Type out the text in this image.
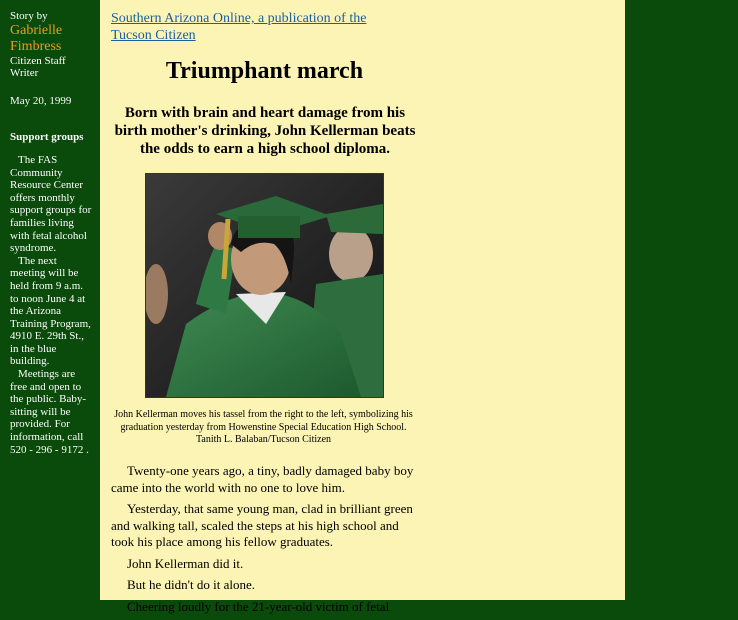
Story by

Gabrielle
Fimbress

Citizen Staff
Writer

May 20, 1999

Support groups

The FAS Community Resource Center offers monthly support groups for families living with fetal alcohol syndrome.

The next meeting will be held from 9 a.m. to noon June 4 at the Arizona Training Program, 4910 E. 29th St., in the blue building.

Meetings are free and open to the public. Baby-sitting will be provided. For information, call 520 - 296 - 9172 .

Southern Arizona Online, a publication of the Tucson Citizen
Triumphant march
Born with brain and heart damage from his birth mother's drinking, John Kellerman beats the odds to earn a high school diploma.
John Kellerman moves his tassel from the right to the left, symbolizing his graduation yesterday from Howenstine Special Education High School.
Tanith L. Balaban/Tucson Citizen

Twenty-one years ago, a tiny, badly damaged baby boy came into the world with no one to love him.

Yesterday, that same young man, clad in brilliant green and walking tall, scaled the steps at his high school and took his place among his fellow graduates.

John Kellerman did it.

But he didn't do it alone.

Cheering loudly for the 21-year-old victim of fetal
